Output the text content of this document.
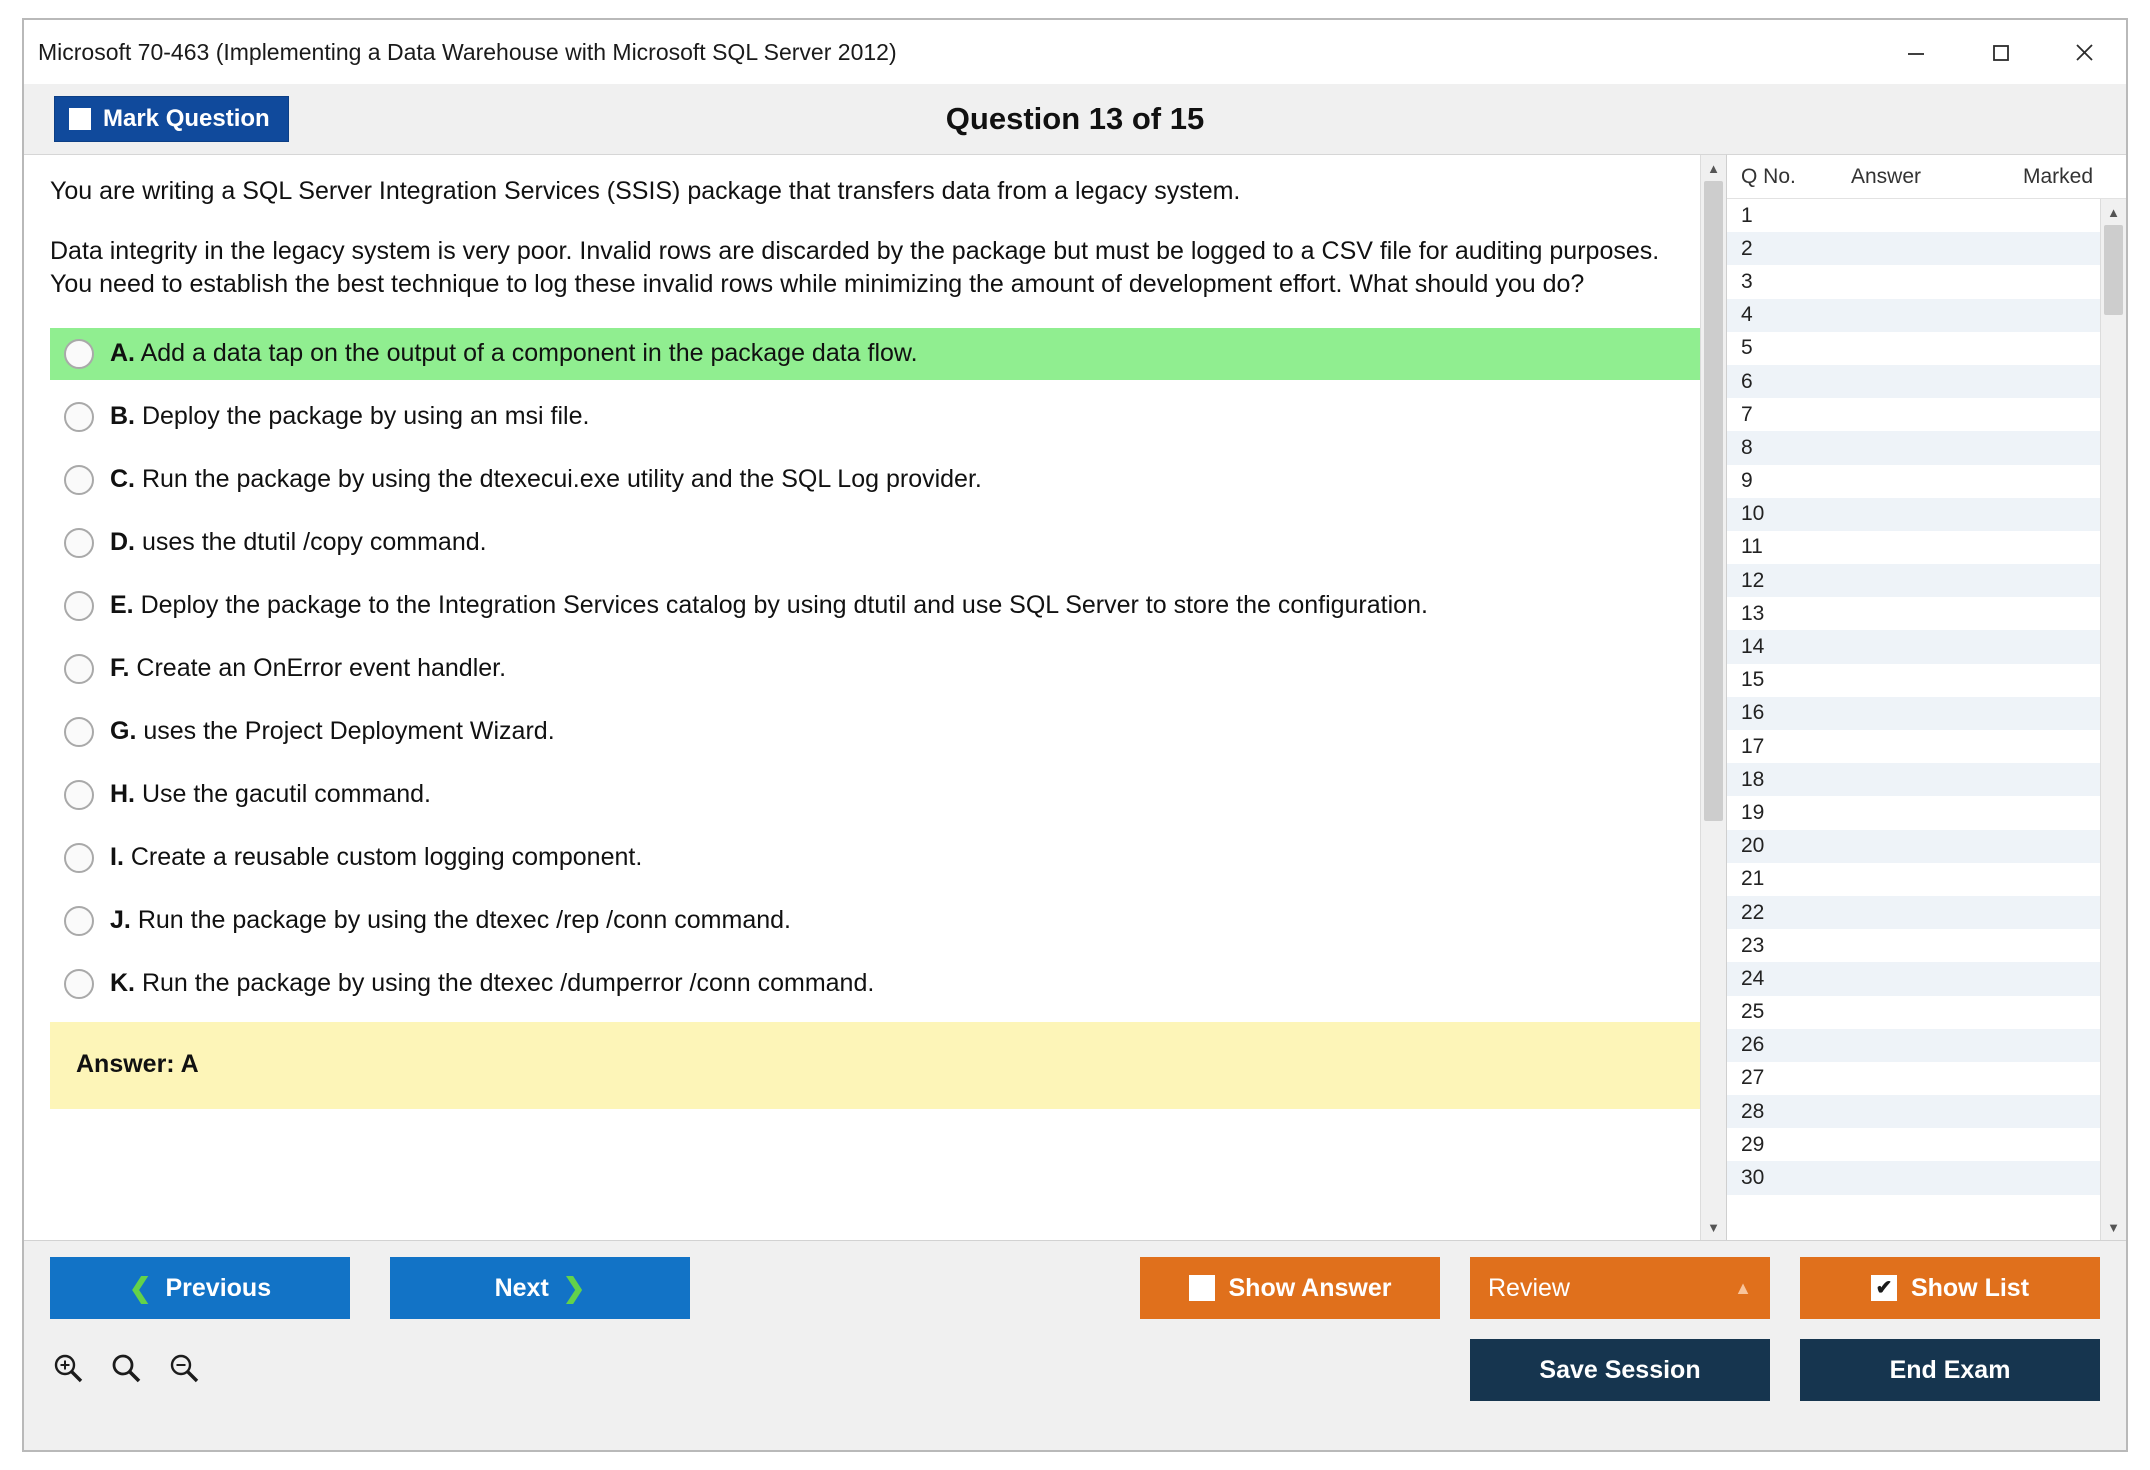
Microsoft 70-463 (Implementing a Data Warehouse with Microsoft SQL Server 2012)
Mark Question	Question 13 of 15

You are writing a SQL Server Integration Services (SSIS) package that transfers data from a legacy system.

Data integrity in the legacy system is very poor. Invalid rows are discarded by the package but must be logged to a CSV file for auditing purposes. You need to establish the best technique to log these invalid rows while minimizing the amount of development effort. What should you do?

A. Add a data tap on the output of a component in the package data flow.
B. Deploy the package by using an msi file.
C. Run the package by using the dtexecui.exe utility and the SQL Log provider.
D. uses the dtutil /copy command.
E. Deploy the package to the Integration Services catalog by using dtutil and use SQL Server to store the configuration.
F. Create an OnError event handler.
G. uses the Project Deployment Wizard.
H. Use the gacutil command.
I. Create a reusable custom logging component.
J. Run the package by using the dtexec /rep /conn command.
K. Run the package by using the dtexec /dumperror /conn command.
Answer: A
▲
▼
Q No.	Answer	Marked
1
2
3
4
5
6
7
8
9
10
11
12
13
14
15
16
17
18
19
20
21
22
23
24
25
26
27
28
29
30
▲
▼
❮ Previous	Next ❯	Show Answer	Review	▲	✔ Show List
Save Session	End Exam
